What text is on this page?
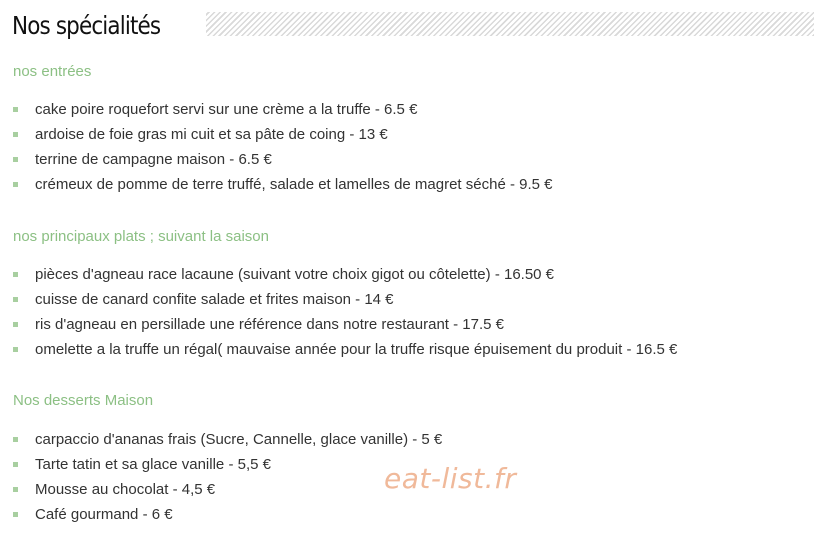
Nos spécialités
nos entrées
cake poire roquefort servi sur une crème a la truffe - 6.5 €
ardoise de foie gras mi cuit et sa pâte de coing - 13 €
terrine de campagne maison - 6.5 €
crémeux de pomme de terre truffé, salade et lamelles de magret séché - 9.5 €
nos principaux plats ; suivant la saison
pièces d'agneau race lacaune (suivant votre choix gigot ou côtelette) - 16.50 €
cuisse de canard confite salade et frites maison - 14 €
ris d'agneau en persillade une référence dans notre restaurant - 17.5 €
omelette a la truffe un régal( mauvaise année pour la truffe risque épuisement du produit - 16.5 €
Nos desserts Maison
carpaccio d'ananas frais (Sucre, Cannelle, glace vanille) - 5 €
Tarte tatin et sa glace vanille - 5,5 €
Mousse au chocolat - 4,5 €
Café gourmand - 6 €

eat-list.fr
